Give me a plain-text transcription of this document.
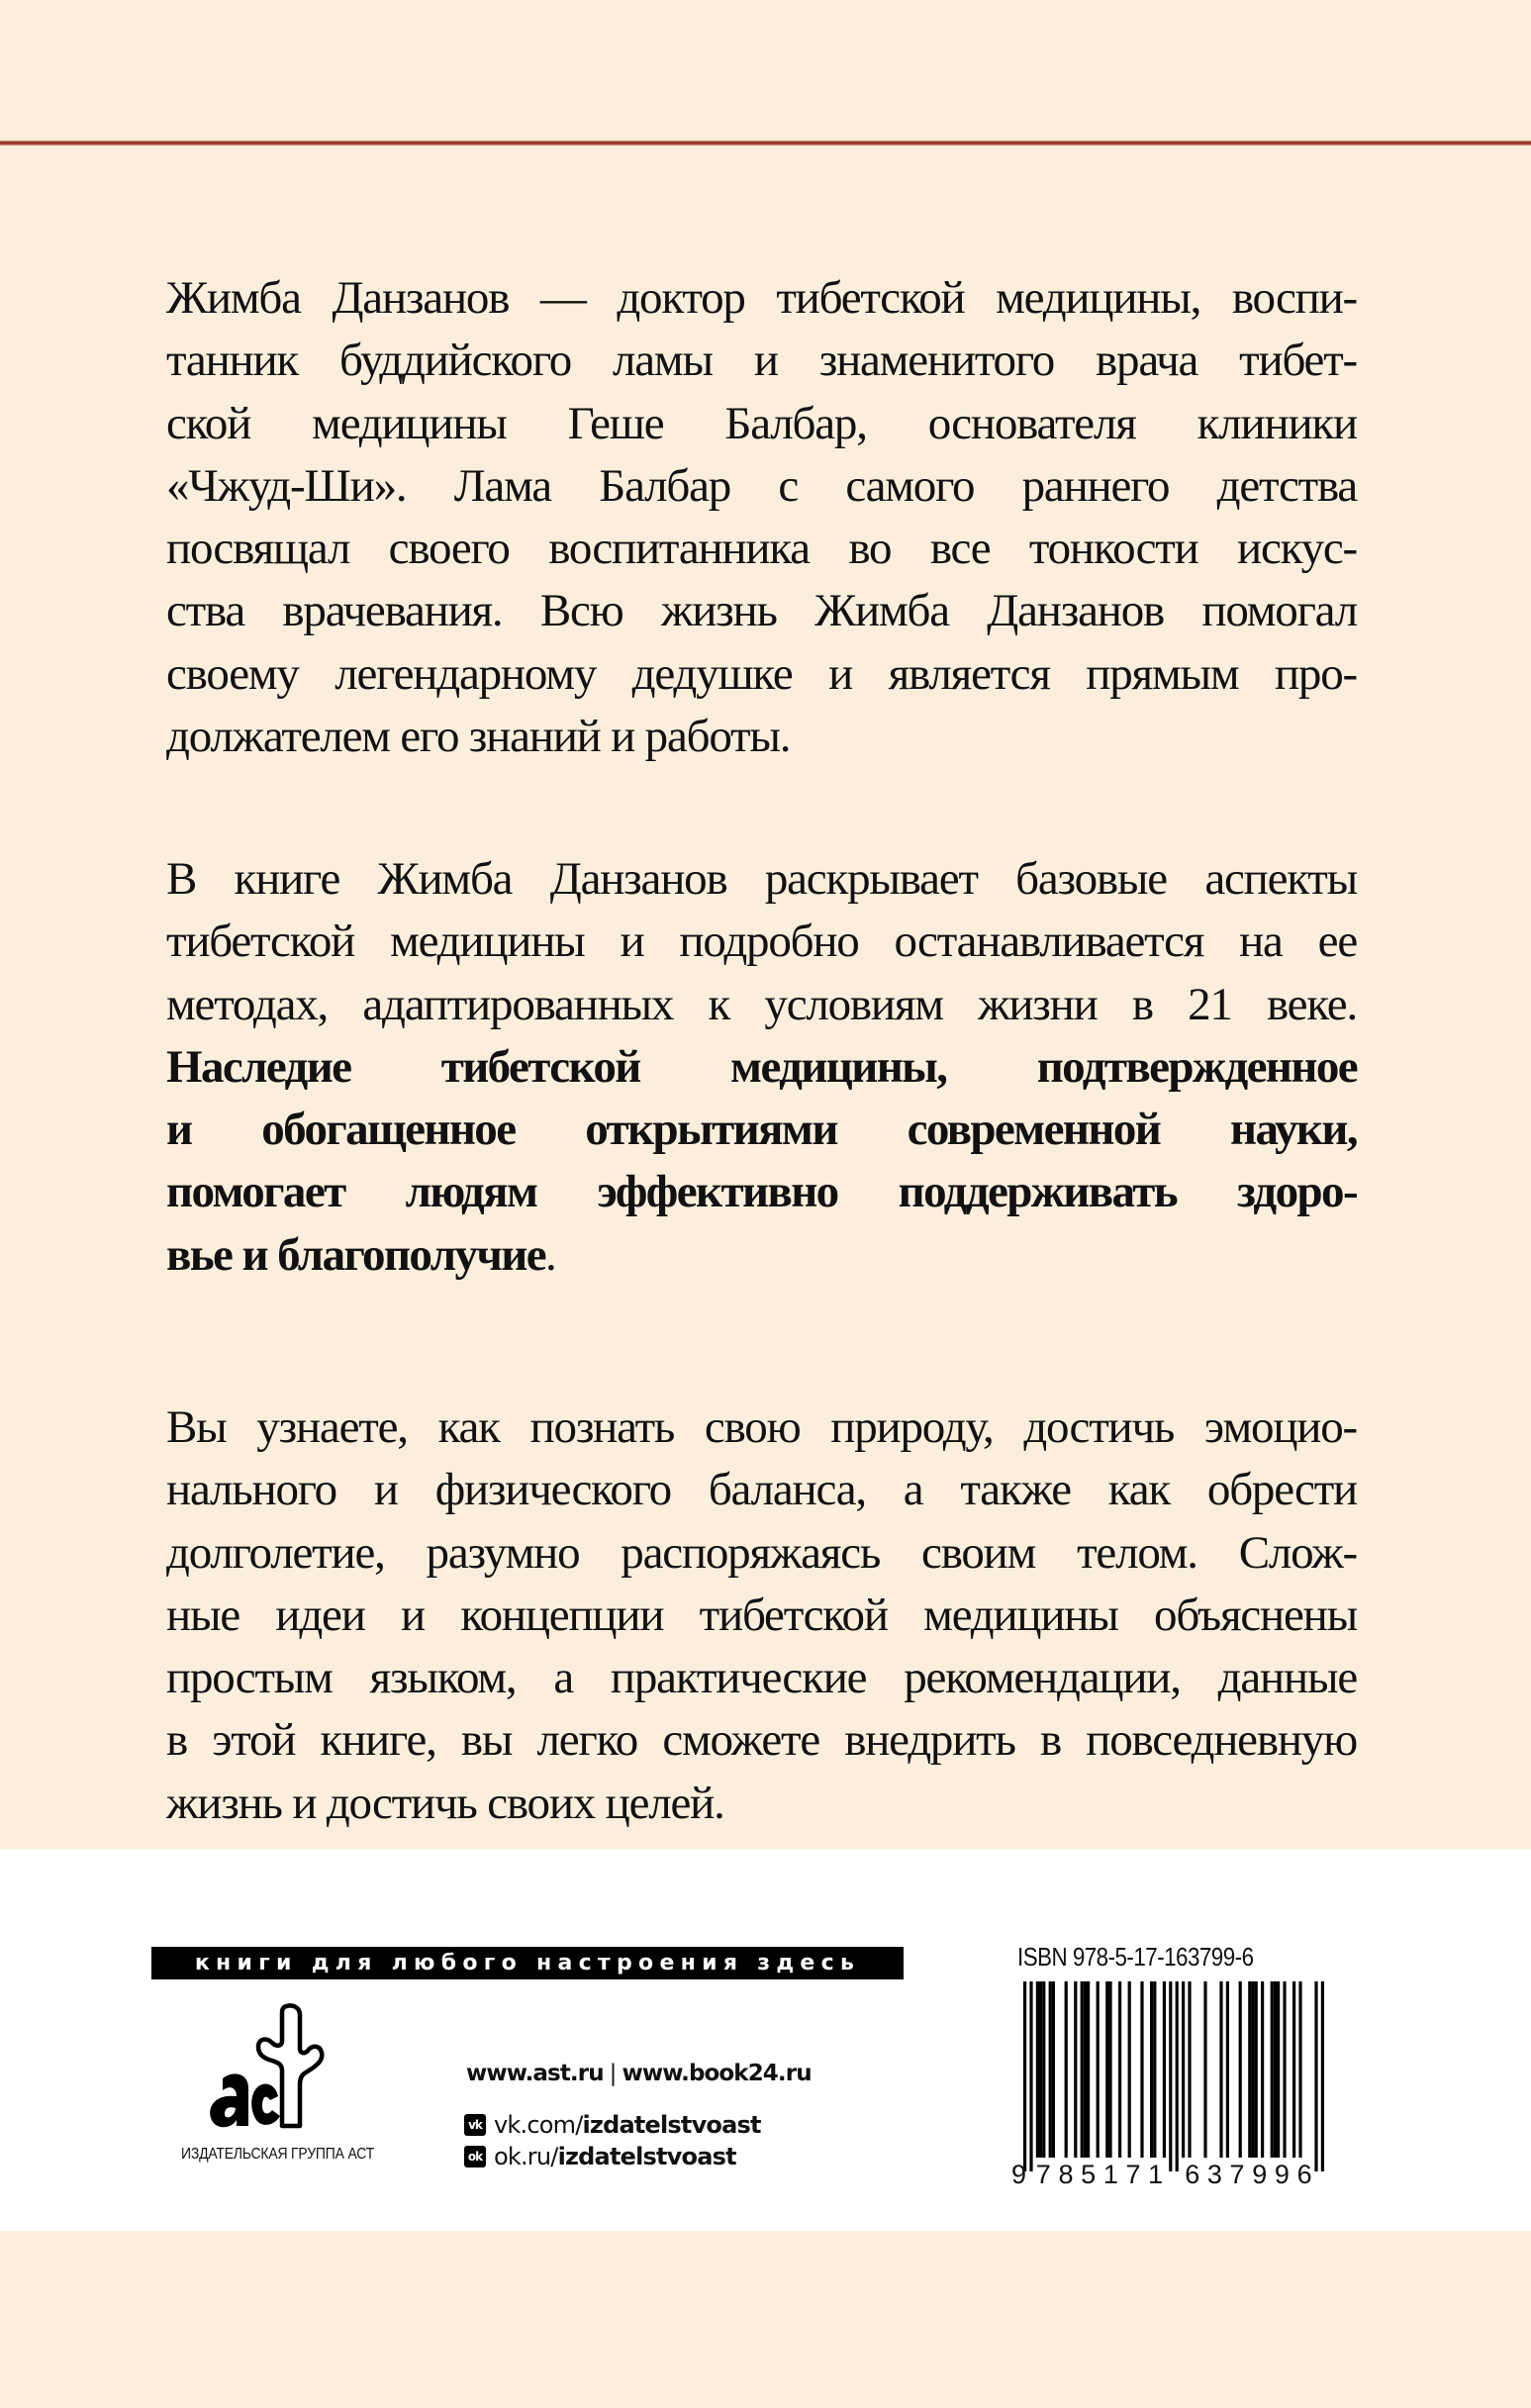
Жимба Данзанов — доктор тибетской медицины, воспи-
танник буддийского ламы и знаменитого врача тибет-
ской медицины Геше Балбар, основателя клиники
«Чжуд-Ши». Лама Балбар с самого раннего детства
посвящал своего воспитанника во все тонкости искус-
ства врачевания. Всю жизнь Жимба Данзанов помогал
своему легендарному дедушке и является прямым про-
должателем его знаний и работы.
В книге Жимба Данзанов раскрывает базовые аспекты
тибетской медицины и подробно останавливается на ее
методах, адаптированных к условиям жизни в 21 веке.
Наследие тибетской медицины, подтвержденное
и обогащенное открытиями современной науки,
помогает людям эффективно поддерживать здоро-
вье и благополучие.
Вы узнаете, как познать свою природу, достичь эмоцио-
нального и физического баланса, а также как обрести
долголетие, разумно распоряжаясь своим телом. Слож-
ные идеи и концепции тибетской медицины объяснены
простым языком, а практические рекомендации, данные
в этой книге, вы легко сможете внедрить в повседневную
жизнь и достичь своих целей.
книги для любого настроения здесь
ИЗДАТЕЛЬСКАЯ ГРУППА АСТ
www.ast.ru | www.book24.ru
vk vk.com/ izdatelstvoast
ok ok.ru/ izdatelstvoast
ISBN 978-5-17-163799-6
9 785171 637996
